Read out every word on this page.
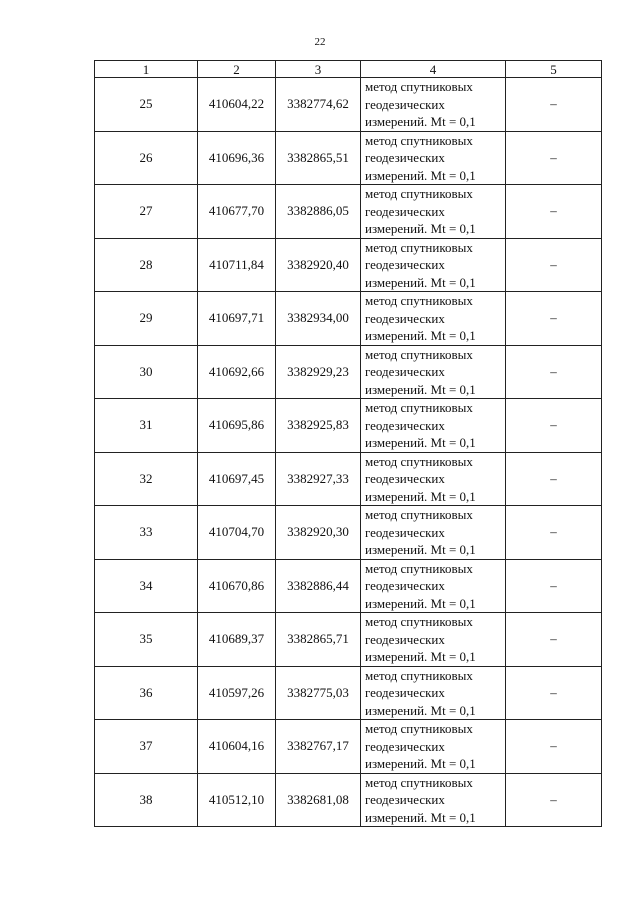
22
1	2	3	4	5
25	410604,22	3382774,62	метод спутниковых
геодезических
измерений. Mt = 0,1	–
26	410696,36	3382865,51	метод спутниковых
геодезических
измерений. Mt = 0,1	–
27	410677,70	3382886,05	метод спутниковых
геодезических
измерений. Mt = 0,1	–
28	410711,84	3382920,40	метод спутниковых
геодезических
измерений. Mt = 0,1	–
29	410697,71	3382934,00	метод спутниковых
геодезических
измерений. Mt = 0,1	–
30	410692,66	3382929,23	метод спутниковых
геодезических
измерений. Mt = 0,1	–
31	410695,86	3382925,83	метод спутниковых
геодезических
измерений. Mt = 0,1	–
32	410697,45	3382927,33	метод спутниковых
геодезических
измерений. Mt = 0,1	–
33	410704,70	3382920,30	метод спутниковых
геодезических
измерений. Mt = 0,1	–
34	410670,86	3382886,44	метод спутниковых
геодезических
измерений. Mt = 0,1	–
35	410689,37	3382865,71	метод спутниковых
геодезических
измерений. Mt = 0,1	–
36	410597,26	3382775,03	метод спутниковых
геодезических
измерений. Mt = 0,1	–
37	410604,16	3382767,17	метод спутниковых
геодезических
измерений. Mt = 0,1	–
38	410512,10	3382681,08	метод спутниковых
геодезических
измерений. Mt = 0,1	–
